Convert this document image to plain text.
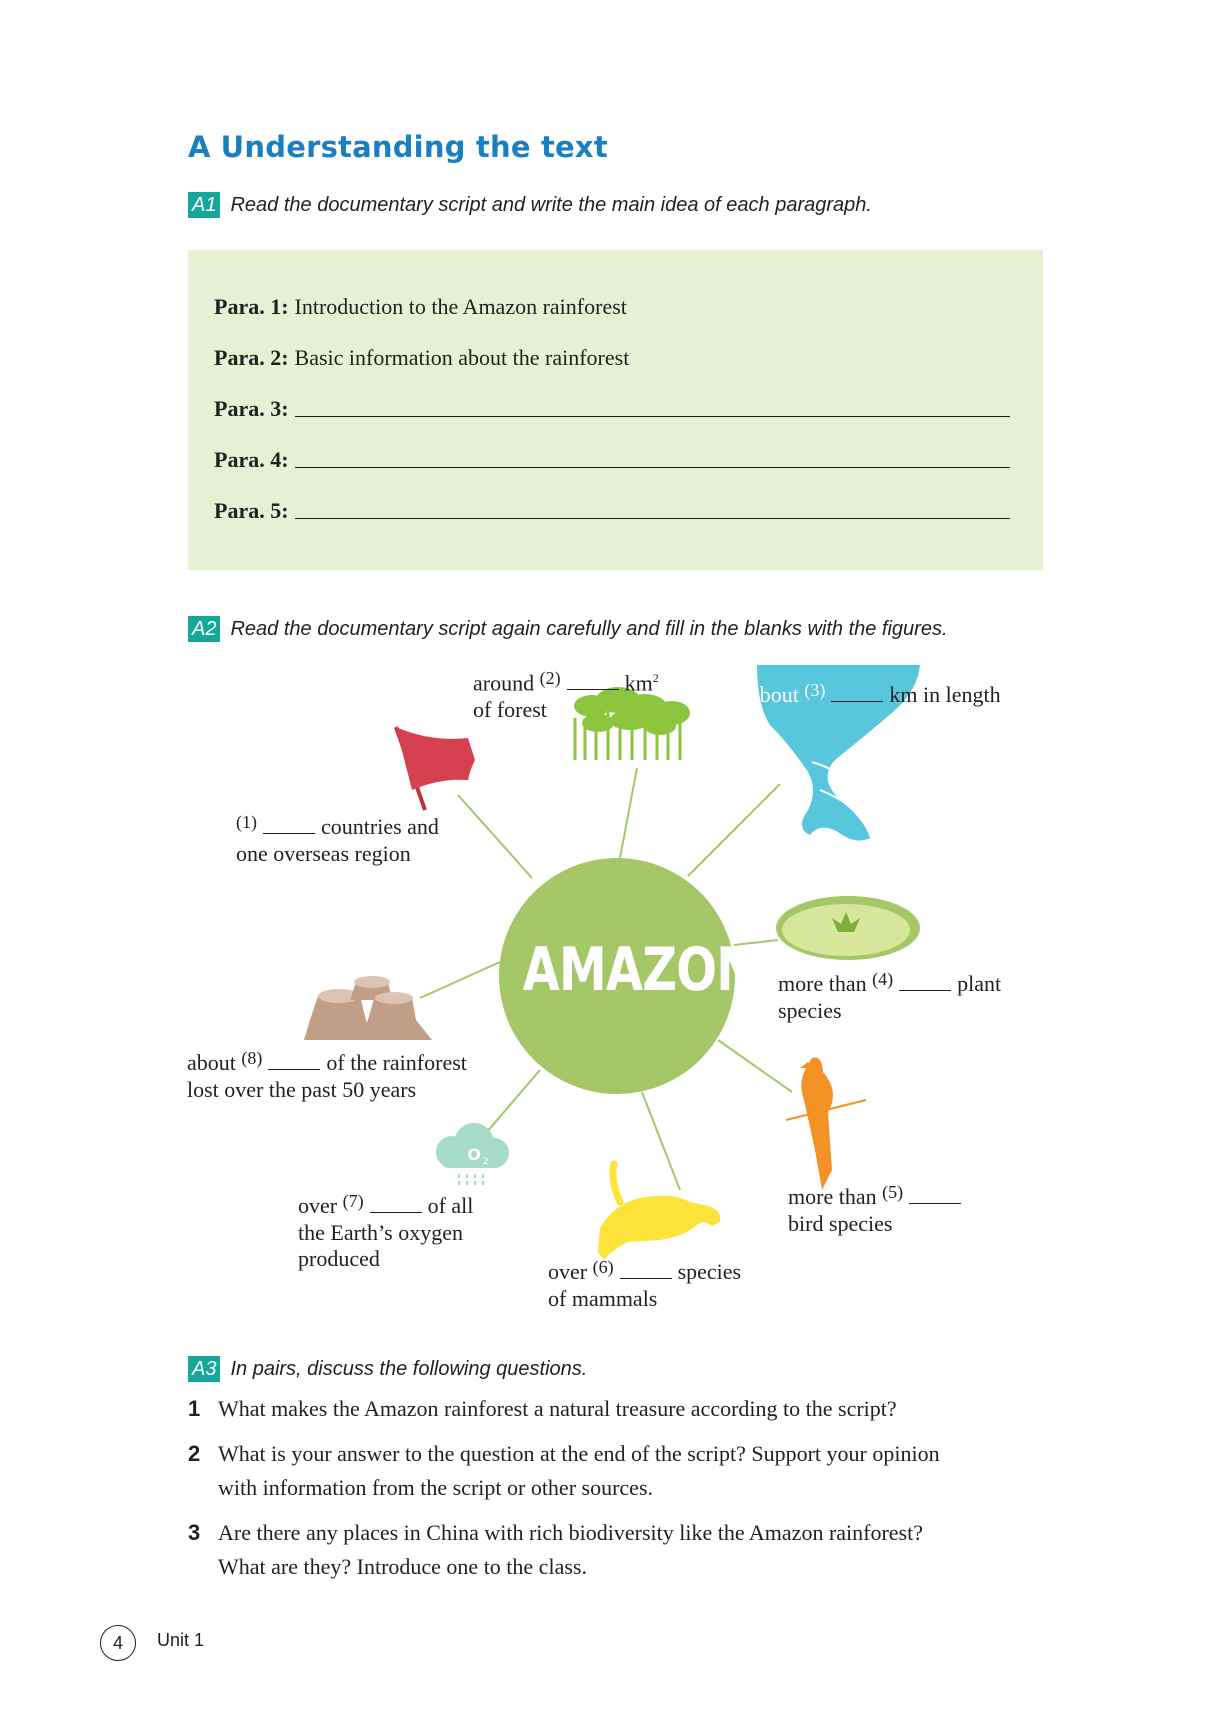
A Understanding the text
A1 Read the documentary script and write the main idea of each paragraph.
Para. 1: Introduction to the Amazon rainforest
Para. 2: Basic information about the rainforest
Para. 3:
Para. 4:
Para. 5:
A2 Read the documentary script again carefully and fill in the blanks with the figures.
O 2
AMAZON
around $^{(2)}$	$km^2$
of forest
about $^{(3)}$	km in length
$^{(1)}$	countries and
one overseas region
more than $^{(4)}$	plant
species
about $^{(8)}$	of the rainforest
lost over the past 50 years
more than $^{(5)}$
bird species
over $^{(7)}$	of all
the Earth’s oxygen
produced
over $^{(6)}$	species
of mammals
A3 In pairs, discuss the following questions.
1 What makes the Amazon rainforest a natural treasure according to the script?
2 What is your answer to the question at the end of the script? Support your opinion
with information from the script or other sources.
3 Are there any places in China with rich biodiversity like the Amazon rainforest?
What are they? Introduce one to the class.
4	Unit 1
